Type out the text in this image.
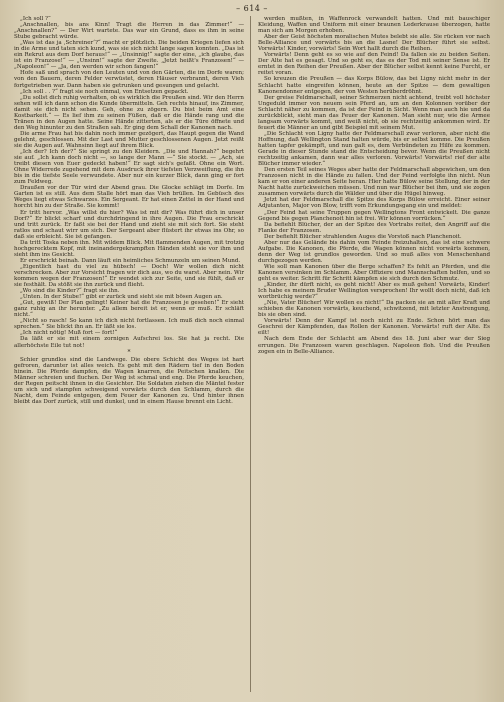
– 614 –

„Ich soll ?“

„Anschnallen, bis ans Kinn! Tragt die Herren in das Zimmer!“ — „Anschnallen?“ — Der Wirt wartete. Das war ein Grund, dass es ihm in seine Stube gebracht würde.

„Was ist das ja ,Schreiner‘?“ macht er plötzlich. Die beiden Kriegen liefen sich in die Arme und taten sich kund, was sie sich nicht lange sagen konnten. „Das ist ein Rekrut aus dem Dorf heraus!“ — „Unsinnig!“ sagte der eine, „ich glaube, das ist ein Franzose!“ — „Unsinn!“ sagte der Zweite. „Jetzt heißt's Franzosen!“ — „Napoleon!“ — „Ja, den werden wir schon fangen!“

Hofe saß und sprach von den Leuten und von den Gärten, die im Dorfe waren; von den Bauern, deren Felder verwüstet, deren Häuser verbrannt, deren Vieh fortgetrieben war. Dann haben sie getrunken und gesungen und gelacht.

„Ich soll . . ?“ fragt sie noch einmal, von Entsetzen gepackt.

„Du sollst dich ruhig verhalten, ob es wirklich die Preußen sind. Wir den Herrn sehen will ich dann schon die Kunde übermitteln. Geh rechts hinauf, ins Zimmer, damit sie dich nicht sehen. Geh, ohne zu zögern. Du bist beim Amt eine Kostbarkeit.“ — Es lief ihm zu seinen Füßen, daß er die Hände rang und die Tränen in den Augen hatte. Seine Hände zitterten, als er die Türe öffnete und den Weg hinunter zu den Straßen sah. Er ging dem Schall der Kanonen nach.

Die arme Frau hat bis dahin noch immer gezögert, das Haupt gegen die Wand gelehnt, geschlossen. Mit der Last und Mutter geschlossenen Augen. Jetzt reißt sie die Augen auf. Wahnsinn liegt auf ihrem Blick.

„Ich der? Ich der?“ Sie springt zu den Kleidern. „Die und Hannah?“ begehrt sie auf. „Ich kann doch nicht —, so lange der Mann —“ Sie stockt. — „Ach, sie treibt diesen von Euer gedeckt haben!“ Er sagt sich's gefaßt. Ohne ein Wort. Ohne Widerrede zugehend mit dem Ausdruck ihrer tiefsten Verzweiflung, die ihn bis in die tiefste Seele verwundete. Aber nur ein kurzer Blick, dann ging er fort zum Feldweg.

Draußen vor der Tür wird der Abend grau. Die Glocke schlägt im Dorfe. Im Garten ist es still. Aus dem Stalle hört man das Vieh brüllen. Im Gebüsch des Weges liegt etwas Schwarzes. Ein Sergeant. Er hat einen Zettel in der Hand und horcht hin zu der Straße. Sie kommt!

Er tritt hervor. „Was willst du hier? Was ist mit dir? Was führt dich in unser Dorf?“ Er blickt scharf und durchdringend in ihre Augen. Die Frau erschrickt und tritt zurück. Er faßt sie bei der Hand und zieht sie mit sich fort. Sie steht ratlos und schaut wirr um sich. Der Sergeant aber flüstert ihr etwas ins Ohr, so daß sie erbleicht. Sie ist gefangen.

Da tritt Toska neben ihn. Mit wildem Blick. Mit flammenden Augen, mit trotzig hochgerecktem Kopf, mit ineinandergekrampften Händen steht sie vor ihm und sieht ihm ins Gesicht.

Er erschrickt beinah. Dann läuft ein heimliches Schmunzeln um seinen Mund.

„Eigentlich hast du viel zu hübsch! — Doch! Wir wollen dich nicht verschrecken. Aber zur Vorsicht fragen wir dich aus, wo du warst. Aber nein. Wir kommen wegen der Franzosen!“ Er wendet sich zur Seite, und sie fühlt, daß er sie festhält. Da stößt sie ihn zurück und flieht.

„Wo sind die Kinder?“ fragt sie ihn.

„Unten. In der Stube!“ gibt er zurück und sieht sie mit bösen Augen an.

„Gut, gewiß! Der Plan gelingt! Keiner hat die Franzosen je gesehen!“ Er sieht ganz ruhig an ihr herunter. „Zu allem bereit ist er, wenn er muß. Er schläft nicht.“

„Nicht so rasch! So kann ich dich nicht fortlassen. Ich muß dich noch einmal sprechen.“ Sie blickt ihn an. Er läßt sie los.

„Ich nicht nötig! Muß fort — fort!“

Da läßt er sie mit einem zornigen Aufschrei los. Sie hat ja recht. Die allerhöchste Eile tut not!

*

Schier grundlos sind die Landwege. Die obere Schicht des Weges ist hart gefroren, darunter ist alles weich. Es geht mit den Rädern tief in den Boden hinein. Die Pferde dampfen, die Wagen knarren, die Peitschen knallen. Die Männer schreien und fluchen. Der Weg ist schmal und eng. Die Pferde keuchen, der Regen peitscht ihnen in die Gesichter. Die Soldaten ziehen die Mäntel fester um sich und stampfen schweigend vorwärts durch den Schlamm, durch die Nacht, dem Feinde entgegen, dem Feuer der Kanonen zu. Und hinter ihnen bleibt das Dorf zurück, still und dunkel, und in einem Hause brennt ein Licht.

werden mußten, in Waffenrock verwandelt hatten. Und mit bauschiger Kleidung, Waffen und Uniform mit einer braunen Lederkrause überzogen, hatte man sich am Morgen erhoben.

Aber der Geist höchsten moralischen Mutes belebt sie alle. Sie rücken vor nach Belle-Alliance und vorwärts bis an die Lasne! Der Blücher führt sie selbst. Vorwärts! Kinder, vorwärts! Sein Wort hallt durch die Reihen.

Vorwärts! Denn geht es so wie auf den Feind! Da fallen sie zu beiden Seiten. Der Alte hat es gesagt. Und so geht es, das es der Tod mit seiner Sense ist. Er erntet in den Reihen der Preußen. Aber der Blücher selbst kennt keine Furcht, er reitet voran.

So kreuzen die Preußen — das Korps Bülow, das bei Ligny nicht mehr in der Schlacht hatte eingreifen können, heute an der Spitze — dem gewaltigen Kanonendonner entgegen, der von Westen herüberdröhnt.

Der greise Feldmarschall, seiner Schmerzen nicht achtend, treibt voll höchster Ungeduld immer von neuem sein Pferd an, um an den Kolonnen vorüber der Schlacht näher zu kommen, da ist der Feind in Sicht. Wenn man auch hie und da zurückblickt, sieht man das Feuer der Kanonen. Man sieht nur, wie die Armee langsam vorwärts kommt, und weiß nicht, ob sie rechtzeitig ankommen wird. Er feuert die Männer an und gibt Beispiel mit seinem Mut.

„Die Schlacht von Ligny hatte der Feldmarschall zwar verloren, aber nicht die Hoffnung, daß Wellington Stand halten würde, bis er selbst komme. Die Preußen hatten tapfer gekämpft, und nun galt es, dem Verbündeten zu Hilfe zu kommen. Gerade in dieser Stunde stand die Entscheidung bevor. Wenn die Preußen nicht rechtzeitig ankamen, dann war alles verloren. Vorwärts! Vorwärts! rief der alte Blücher immer wieder.“

Den ersten Teil seines Weges aber hatte der Feldmarschall abgewichen, um den Franzosen nicht in die Hände zu fallen. Und der Feind verfolgte ihn nicht. Nun kam er von einer anderen Seite heran. Hier hatte Bülow seine Stellung, der in der Nacht hatte zurückweichen müssen. Und nun war Blücher bei ihm, und sie zogen zusammen vorwärts durch die Wälder und über die Hügel hinweg.

Jetzt hat der Feldmarschall die Spitze des Korps Bülow erreicht. Einer seiner Adjutanten, Major von Blow, trifft vom Erkundungsgang ein und meldet:

„Der Feind hat seine Truppen gegen Wellingtons Front entwickelt. Die ganze Gegend bis gegen Planchenoit hin ist frei. Wir können vorrücken.“

Da befiehlt Blücher, der an der Spitze des Vortrabs reitet, den Angriff auf die Flanke der Franzosen.

Der befiehlt Blücher strahlenden Auges die Vorstoß nach Planchenoit.

Aber nur das Gelände bis dahin vom Feinde freizuhalten, das ist eine schwere Aufgabe. Die Kanonen, die Pferde, die Wagen können nicht vorwärts kommen, denn der Weg ist grundlos geworden. Und so muß alles von Menschenhand durchgezogen werden.

Wie soll man Kanonen über die Berge schaffen? Es fehlt an Pferden, und die Kanonen versinken im Schlamm. Aber Offiziere und Mannschaften helfen, und so geht es weiter. Schritt für Schritt kämpfen sie sich durch den Schmutz.

„Kinder, ihr dürft nicht, es geht nicht! Aber es muß gehen! Vorwärts, Kinder! Ich habe es meinem Bruder Wellington versprochen! Ihr wollt doch nicht, daß ich wortbrüchig werde?“

„Nie, Vater Blücher! Wir wollen es nicht!“ Da packen sie an mit aller Kraft und schieben die Kanonen vorwärts, keuchend, schwitzend, mit letzter Anstrengung, bis sie oben sind.

Vorwärts! Denn der Kampf ist noch nicht zu Ende. Schon hört man das Geschrei der Kämpfenden, das Rollen der Kanonen. Vorwärts! ruft der Alte. Es eilt!

Nach dem Ende der Schlacht am Abend des 18. Juni aber war der Sieg errungen. Die Franzosen waren geschlagen. Napoleon floh. Und die Preußen zogen ein in Belle-Alliance.
